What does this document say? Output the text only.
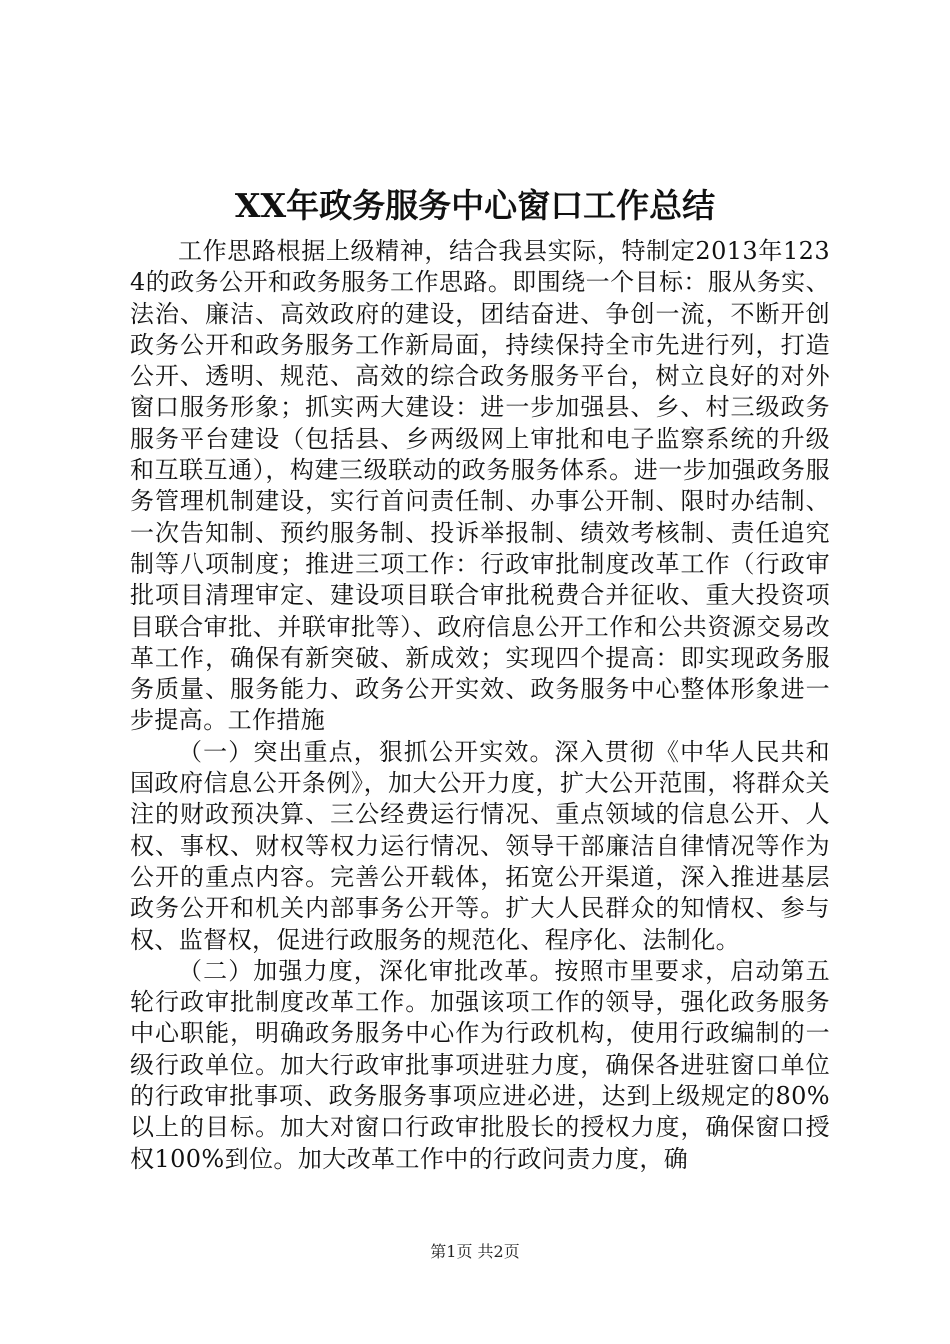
XX年政务服务中心窗口工作总结

工作思路根据上级精神，结合我县实际，特制定2013年1234的政务公开和政务服务工作思路。即围绕一个目标：服从务实、法治、廉洁、高效政府的建设，团结奋进、争创一流，不断开创政务公开和政务服务工作新局面，持续保持全市先进行列，打造公开、透明、规范、高效的综合政务服务平台，树立良好的对外窗口服务形象；抓实两大建设：进一步加强县、乡、村三级政务服务平台建设（包括县、乡两级网上审批和电子监察系统的升级和互联互通），构建三级联动的政务服务体系。进一步加强政务服务管理机制建设，实行首问责任制、办事公开制、限时办结制、一次告知制、预约服务制、投诉举报制、绩效考核制、责任追究制等八项制度；推进三项工作：行政审批制度改革工作（行政审批项目清理审定、建设项目联合审批税费合并征收、重大投资项目联合审批、并联审批等）、政府信息公开工作和公共资源交易改革工作，确保有新突破、新成效；实现四个提高：即实现政务服务质量、服务能力、政务公开实效、政务服务中心整体形象进一步提高。工作措施

（一）突出重点，狠抓公开实效。深入贯彻《中华人民共和国政府信息公开条例》，加大公开力度，扩大公开范围，将群众关注的财政预决算、三公经费运行情况、重点领域的信息公开、人权、事权、财权等权力运行情况、领导干部廉洁自律情况等作为公开的重点内容。完善公开载体，拓宽公开渠道，深入推进基层政务公开和机关内部事务公开等。扩大人民群众的知情权、参与权、监督权，促进行政服务的规范化、程序化、法制化。

（二）加强力度，深化审批改革。按照市里要求，启动第五轮行政审批制度改革工作。加强该项工作的领导，强化政务服务中心职能，明确政务服务中心作为行政机构，使用行政编制的一级行政单位。加大行政审批事项进驻力度，确保各进驻窗口单位的行政审批事项、政务服务事项应进必进，达到上级规定的80%以上的目标。加大对窗口行政审批股长的授权力度，确保窗口授权100%到位。加大改革工作中的行政问责力度，确

第1页 共2页
